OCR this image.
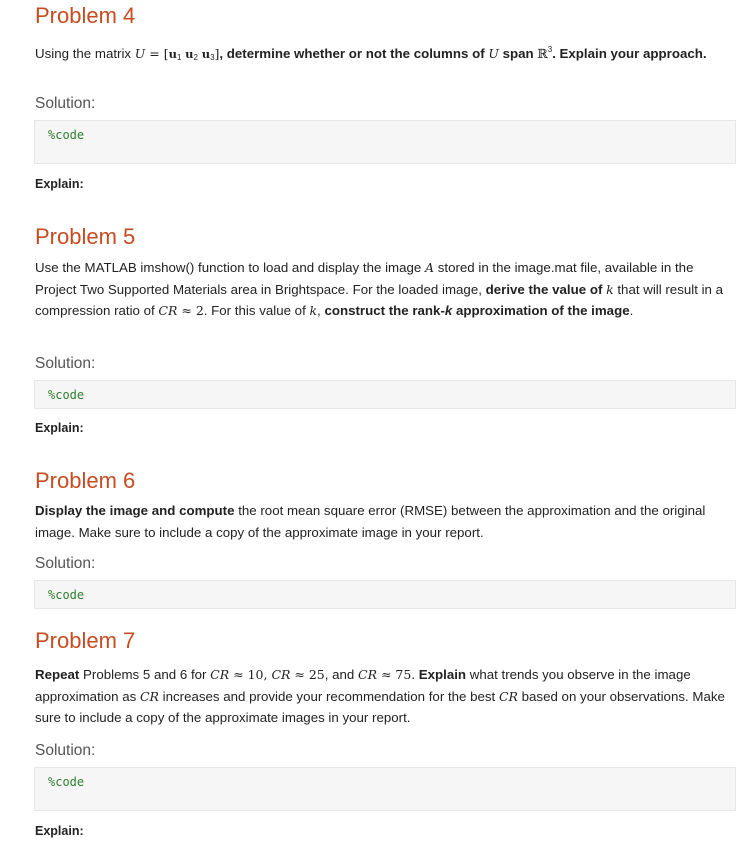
Problem 4
Using the matrix U = [u1 u2 u3], determine whether or not the columns of U span ℝ$^3$. Explain your approach.
Solution:
%code
Explain:
Problem 5
Use the MATLAB imshow() function to load and display the image A stored in the image.mat file, available in the Project Two Supported Materials area in Brightspace. For the loaded image, derive the value of k that will result in a compression ratio of CR ≈ 2. For this value of k, construct the rank-k approximation of the image.
Solution:
%code
Explain:
Problem 6
Display the image and compute the root mean square error (RMSE) between the approximation and the original image. Make sure to include a copy of the approximate image in your report.
Solution:
%code
Problem 7
Repeat Problems 5 and 6 for CR ≈ 10, CR ≈ 25, and CR ≈ 75. Explain what trends you observe in the image approximation as CR increases and provide your recommendation for the best CR based on your observations. Make sure to include a copy of the approximate images in your report.
Solution:
%code
Explain:
